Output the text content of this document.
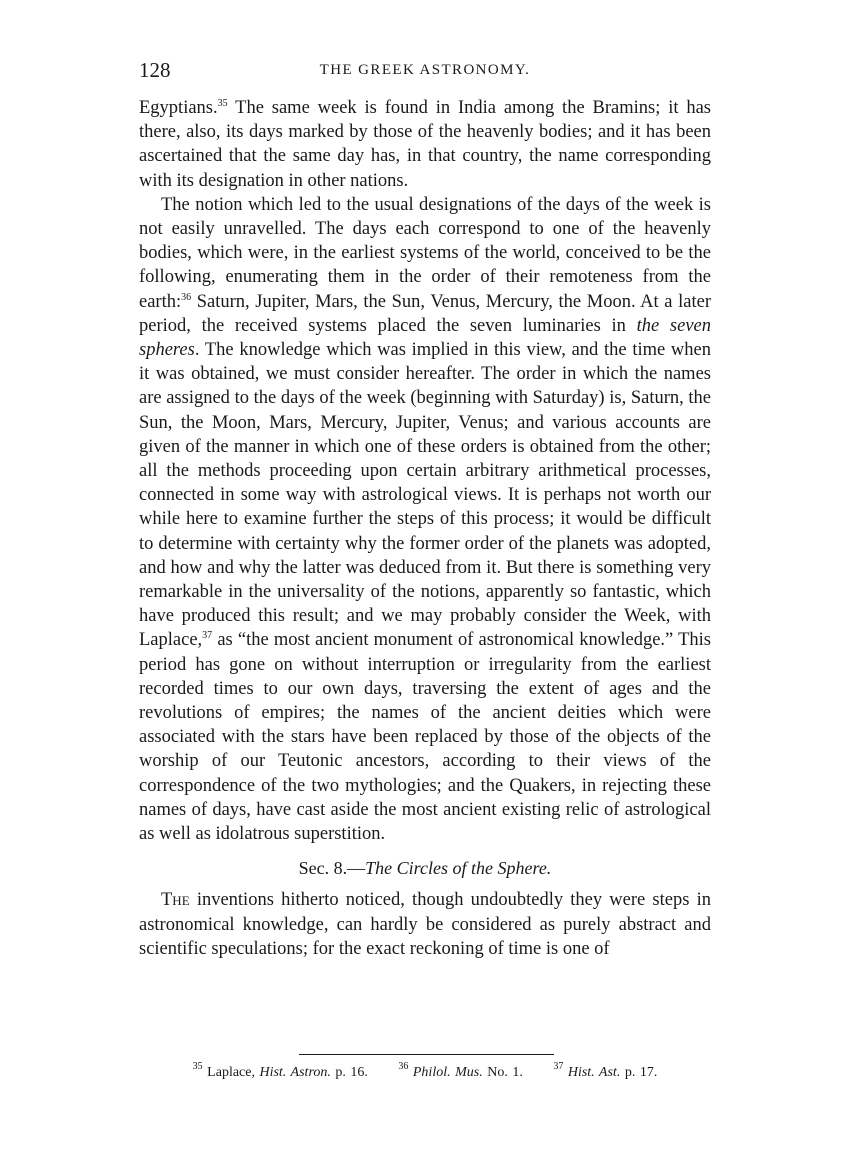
128	THE GREEK ASTRONOMY.

Egyptians.$^{35}$ The same week is found in India among the Bramins; it has there, also, its days marked by those of the heavenly bodies; and it has been ascertained that the same day has, in that country, the name corresponding with its designation in other nations.

The notion which led to the usual designations of the days of the week is not easily unravelled. The days each correspond to one of the heavenly bodies, which were, in the earliest systems of the world, conceived to be the following, enumerating them in the order of their remoteness from the earth:$^{36}$ Saturn, Jupiter, Mars, the Sun, Venus, Mercury, the Moon. At a later period, the received systems placed the seven luminaries in the seven spheres. The knowledge which was implied in this view, and the time when it was obtained, we must consider hereafter. The order in which the names are assigned to the days of the week (beginning with Saturday) is, Saturn, the Sun, the Moon, Mars, Mercury, Jupiter, Venus; and various accounts are given of the manner in which one of these orders is obtained from the other; all the methods proceeding upon certain arbitrary arithmetical processes, connected in some way with astrological views. It is perhaps not worth our while here to examine further the steps of this process; it would be difficult to determine with certainty why the former order of the planets was adopted, and how and why the latter was deduced from it. But there is something very remarkable in the universality of the notions, apparently so fantastic, which have produced this result; and we may probably consider the Week, with Laplace,$^{37}$ as “the most ancient monument of astronomical knowledge.” This period has gone on without interruption or irregularity from the earliest recorded times to our own days, traversing the extent of ages and the revolutions of empires; the names of the ancient deities which were associated with the stars have been replaced by those of the objects of the worship of our Teutonic ancestors, according to their views of the correspondence of the two mythologies; and the Quakers, in rejecting these names of days, have cast aside the most ancient existing relic of astrological as well as idolatrous superstition.

Sec. 8.—The Circles of the Sphere.

The inventions hitherto noticed, though undoubtedly they were steps in astronomical knowledge, can hardly be considered as purely abstract and scientific speculations; for the exact reckoning of time is one of

$^{35}$ Laplace, Hist. Astron. p. 16.	$^{36}$ Philol. Mus. No. 1.	$^{37}$ Hist. Ast. p. 17.
